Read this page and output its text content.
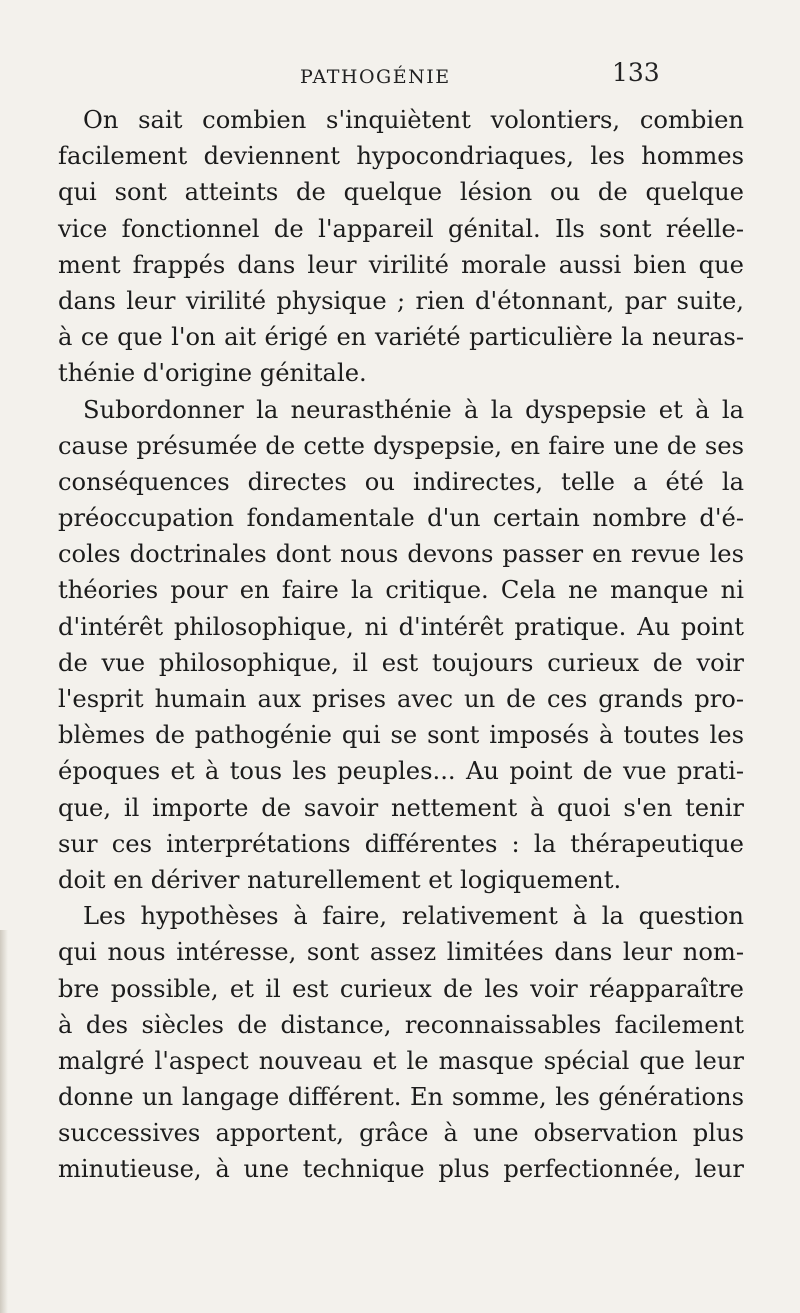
PATHOGÉNIE	133
On sait combien s'inquiètent volontiers, combien
facilement deviennent hypocondriaques, les hommes
qui sont atteints de quelque lésion ou de quelque
vice fonctionnel de l'appareil génital. Ils sont réelle-
ment frappés dans leur virilité morale aussi bien que
dans leur virilité physique ; rien d'étonnant, par suite,
à ce que l'on ait érigé en variété particulière la neuras-
thénie d'origine génitale.
Subordonner la neurasthénie à la dyspepsie et à la
cause présumée de cette dyspepsie, en faire une de ses
conséquences directes ou indirectes, telle a été la
préoccupation fondamentale d'un certain nombre d'é-
coles doctrinales dont nous devons passer en revue les
théories pour en faire la critique. Cela ne manque ni
d'intérêt philosophique, ni d'intérêt pratique. Au point
de vue philosophique, il est toujours curieux de voir
l'esprit humain aux prises avec un de ces grands pro-
blèmes de pathogénie qui se sont imposés à toutes les
époques et à tous les peuples... Au point de vue prati-
que, il importe de savoir nettement à quoi s'en tenir
sur ces interprétations différentes : la thérapeutique
doit en dériver naturellement et logiquement.
Les hypothèses à faire, relativement à la question
qui nous intéresse, sont assez limitées dans leur nom-
bre possible, et il est curieux de les voir réapparaître
à des siècles de distance, reconnaissables facilement
malgré l'aspect nouveau et le masque spécial que leur
donne un langage différent. En somme, les générations
successives apportent, grâce à une observation plus
minutieuse, à une technique plus perfectionnée, leur
